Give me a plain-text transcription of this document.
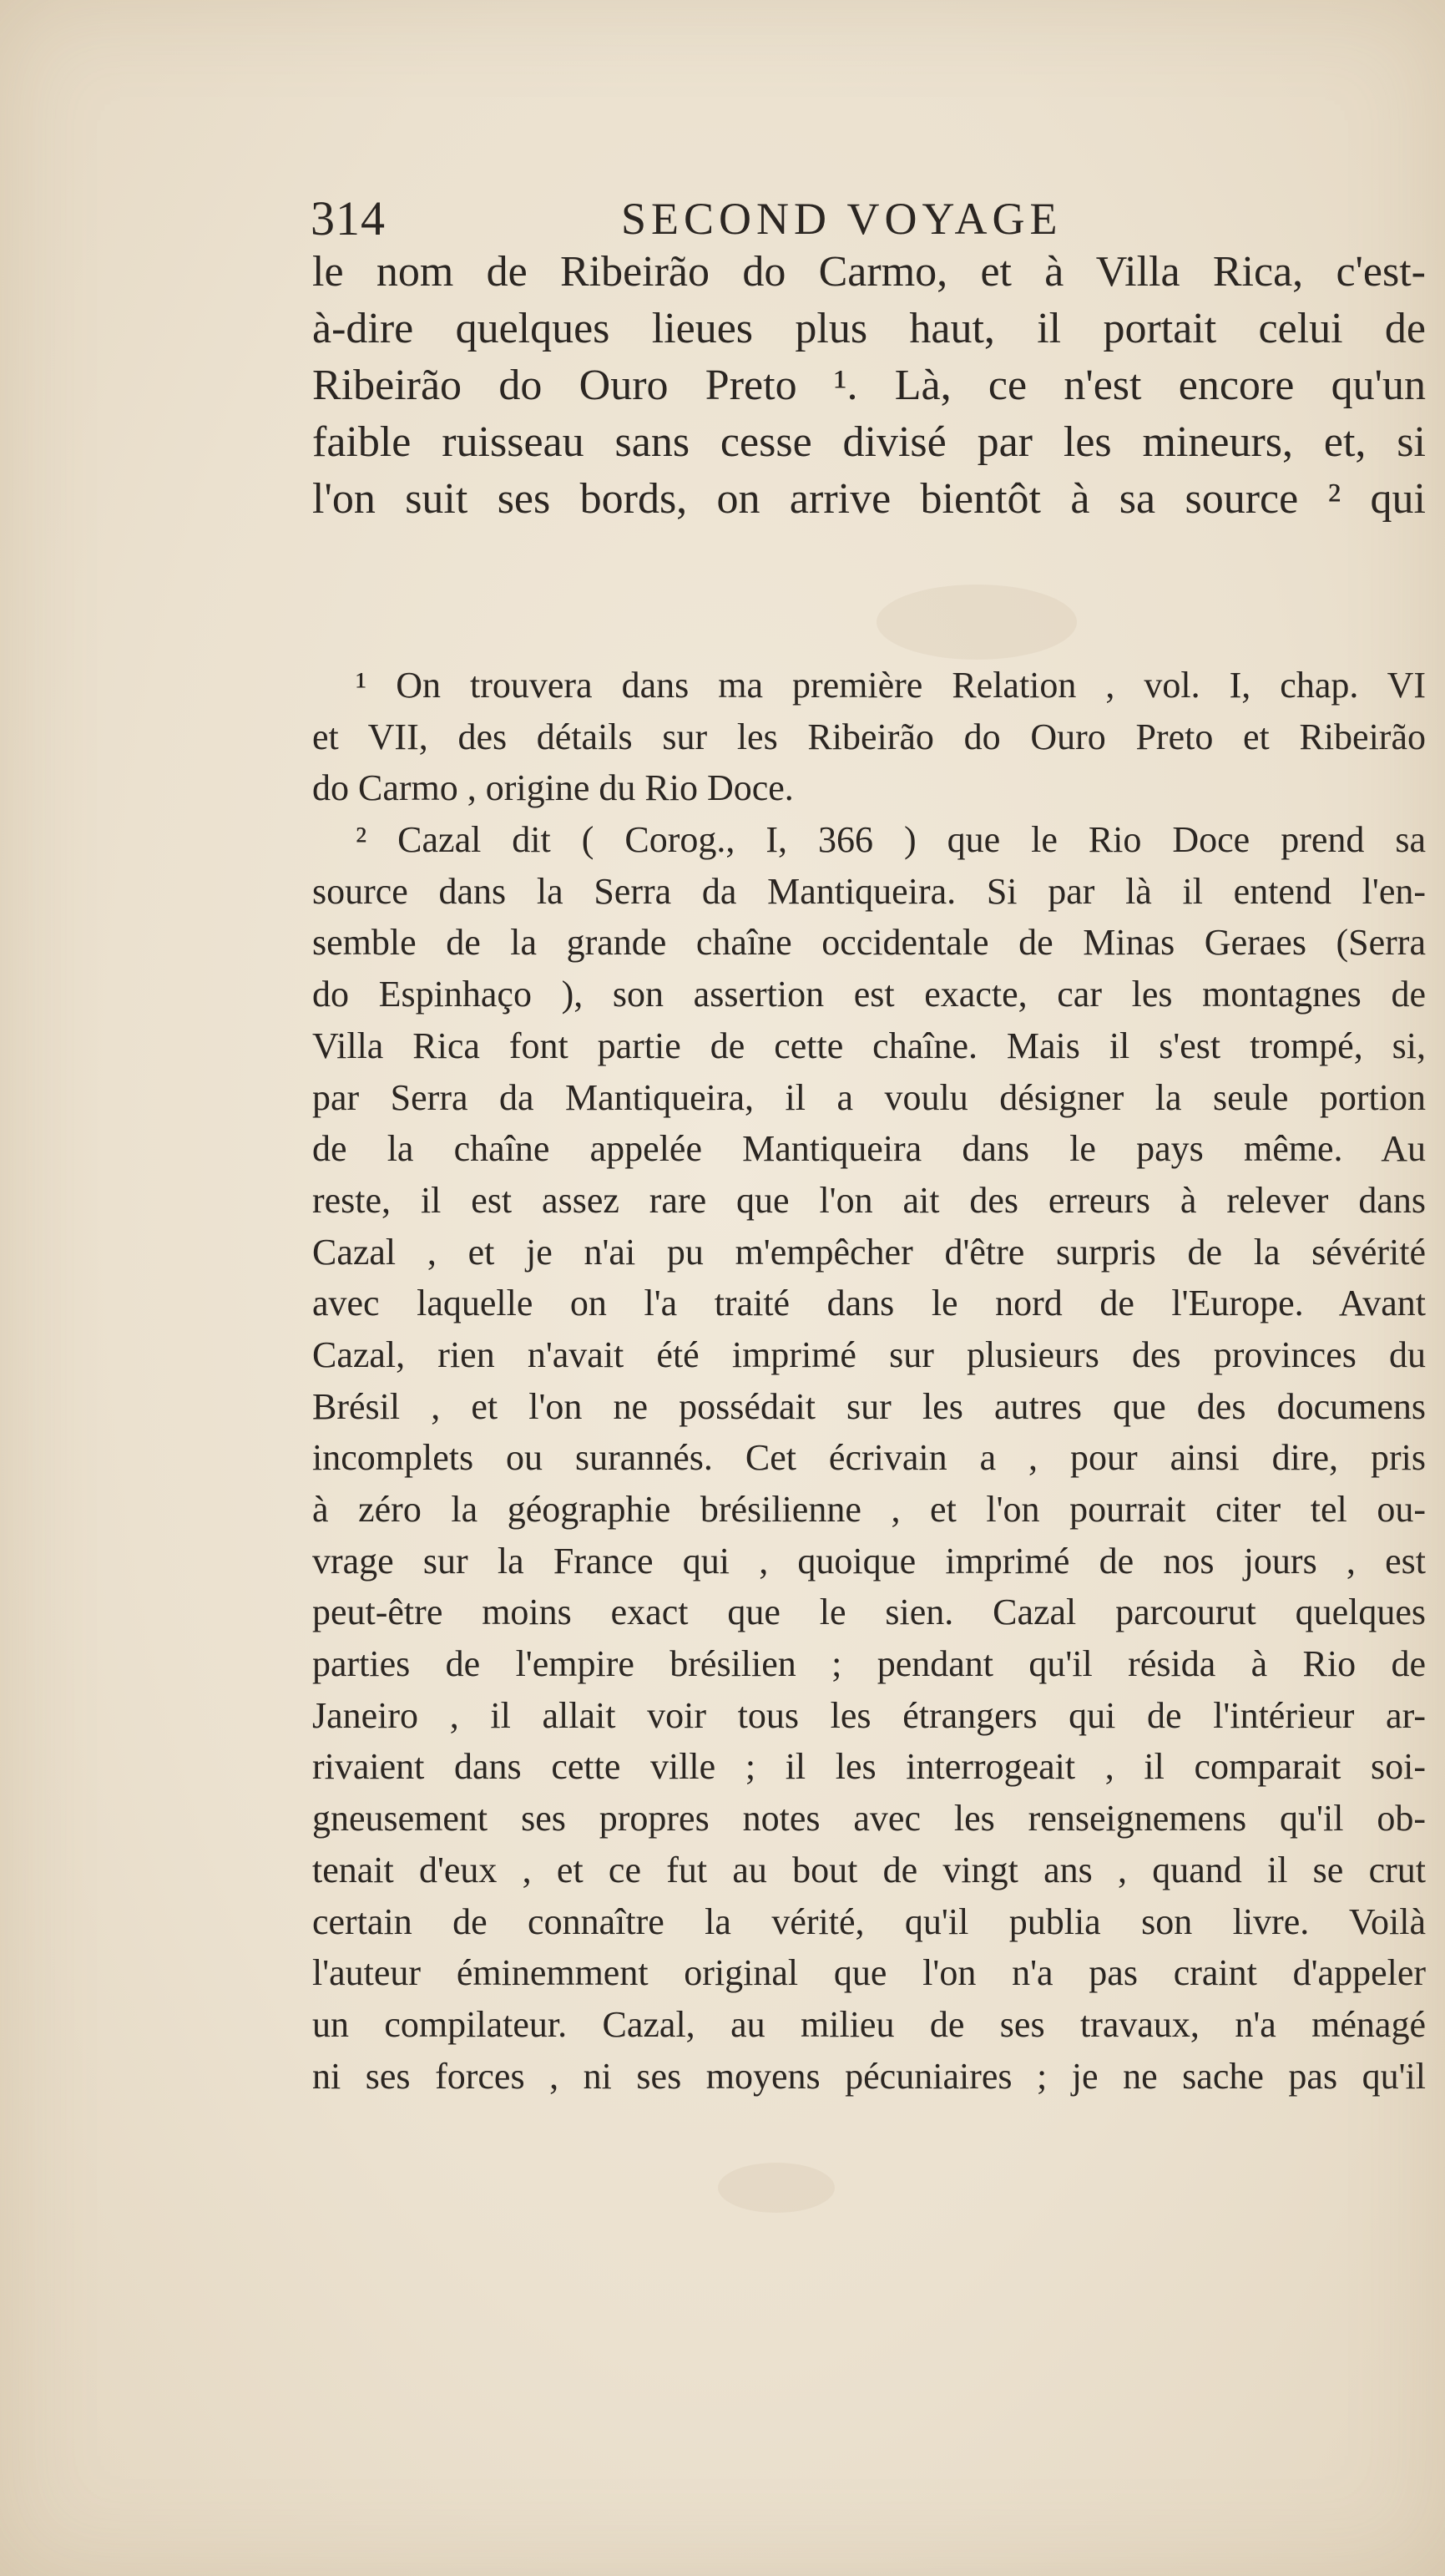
314	SECOND VOYAGE
le nom de Ribeirão do Carmo, et à Villa Rica, c'est-
à-dire quelques lieues plus haut, il portait celui de
Ribeirão do Ouro Preto ¹. Là, ce n'est encore qu'un
faible ruisseau sans cesse divisé par les mineurs, et, si
l'on suit ses bords, on arrive bientôt à sa source ² qui
¹ On trouvera dans ma première Relation , vol. I, chap. VI
et VII, des détails sur les Ribeirão do Ouro Preto et Ribeirão
do Carmo , origine du Rio Doce.
² Cazal dit ( Corog., I, 366 ) que le Rio Doce prend sa
source dans la Serra da Mantiqueira. Si par là il entend l'en-
semble de la grande chaîne occidentale de Minas Geraes (Serra
do Espinhaço ), son assertion est exacte, car les montagnes de
Villa Rica font partie de cette chaîne. Mais il s'est trompé, si,
par Serra da Mantiqueira, il a voulu désigner la seule portion
de la chaîne appelée Mantiqueira dans le pays même. Au
reste, il est assez rare que l'on ait des erreurs à relever dans
Cazal , et je n'ai pu m'empêcher d'être surpris de la sévérité
avec laquelle on l'a traité dans le nord de l'Europe. Avant
Cazal, rien n'avait été imprimé sur plusieurs des provinces du
Brésil , et l'on ne possédait sur les autres que des documens
incomplets ou surannés. Cet écrivain a , pour ainsi dire, pris
à zéro la géographie brésilienne , et l'on pourrait citer tel ou-
vrage sur la France qui , quoique imprimé de nos jours , est
peut-être moins exact que le sien. Cazal parcourut quelques
parties de l'empire brésilien ; pendant qu'il résida à Rio de
Janeiro , il allait voir tous les étrangers qui de l'intérieur ar-
rivaient dans cette ville ; il les interrogeait , il comparait soi-
gneusement ses propres notes avec les renseignemens qu'il ob-
tenait d'eux , et ce fut au bout de vingt ans , quand il se crut
certain de connaître la vérité, qu'il publia son livre. Voilà
l'auteur éminemment original que l'on n'a pas craint d'appeler
un compilateur. Cazal, au milieu de ses travaux, n'a ménagé
ni ses forces , ni ses moyens pécuniaires ; je ne sache pas qu'il
